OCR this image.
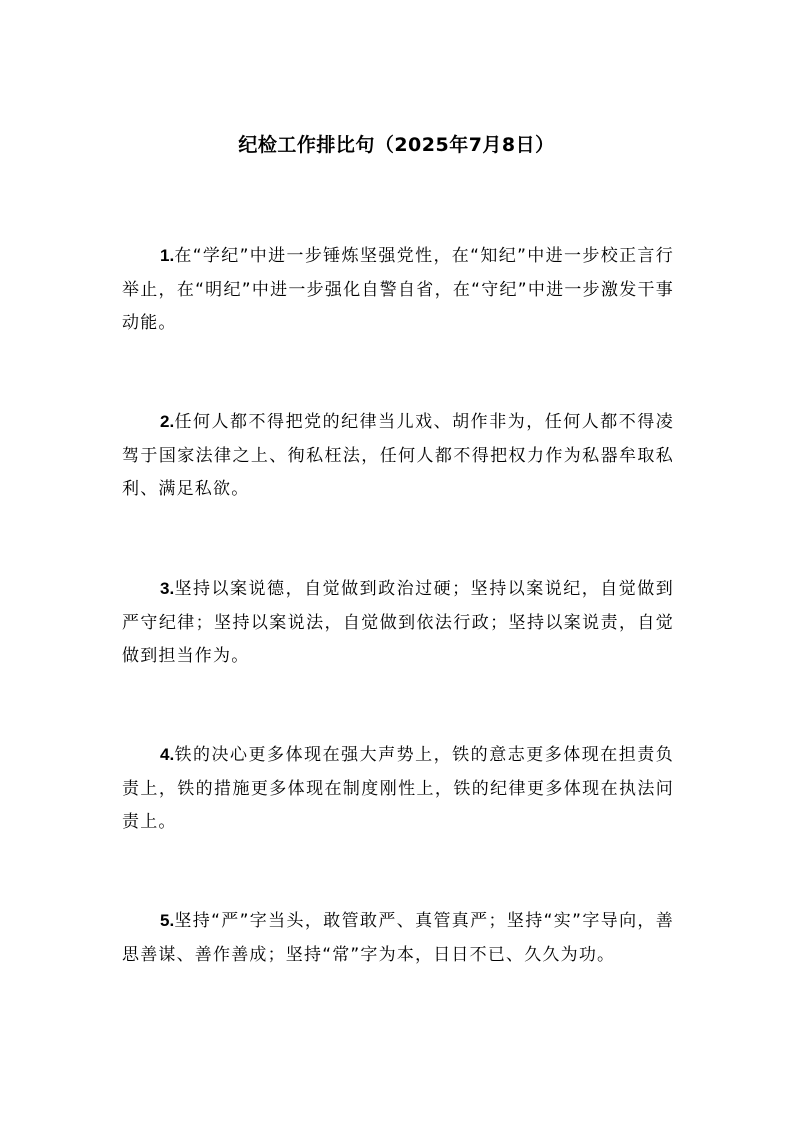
纪检工作排比句（2025年7月8日）

1.在“学纪”中进一步锤炼坚强党性，在“知纪”中进一步校正言行举止，在“明纪”中进一步强化自警自省，在“守纪”中进一步激发干事动能。

2.任何人都不得把党的纪律当儿戏、胡作非为，任何人都不得凌驾于国家法律之上、徇私枉法，任何人都不得把权力作为私器牟取私利、满足私欲。

3.坚持以案说德，自觉做到政治过硬；坚持以案说纪，自觉做到严守纪律；坚持以案说法，自觉做到依法行政；坚持以案说责，自觉做到担当作为。

4.铁的决心更多体现在强大声势上，铁的意志更多体现在担责负责上，铁的措施更多体现在制度刚性上，铁的纪律更多体现在执法问责上。

5.坚持“严”字当头，敢管敢严、真管真严；坚持“实”字导向，善思善谋、善作善成；坚持“常”字为本，日日不已、久久为功。
